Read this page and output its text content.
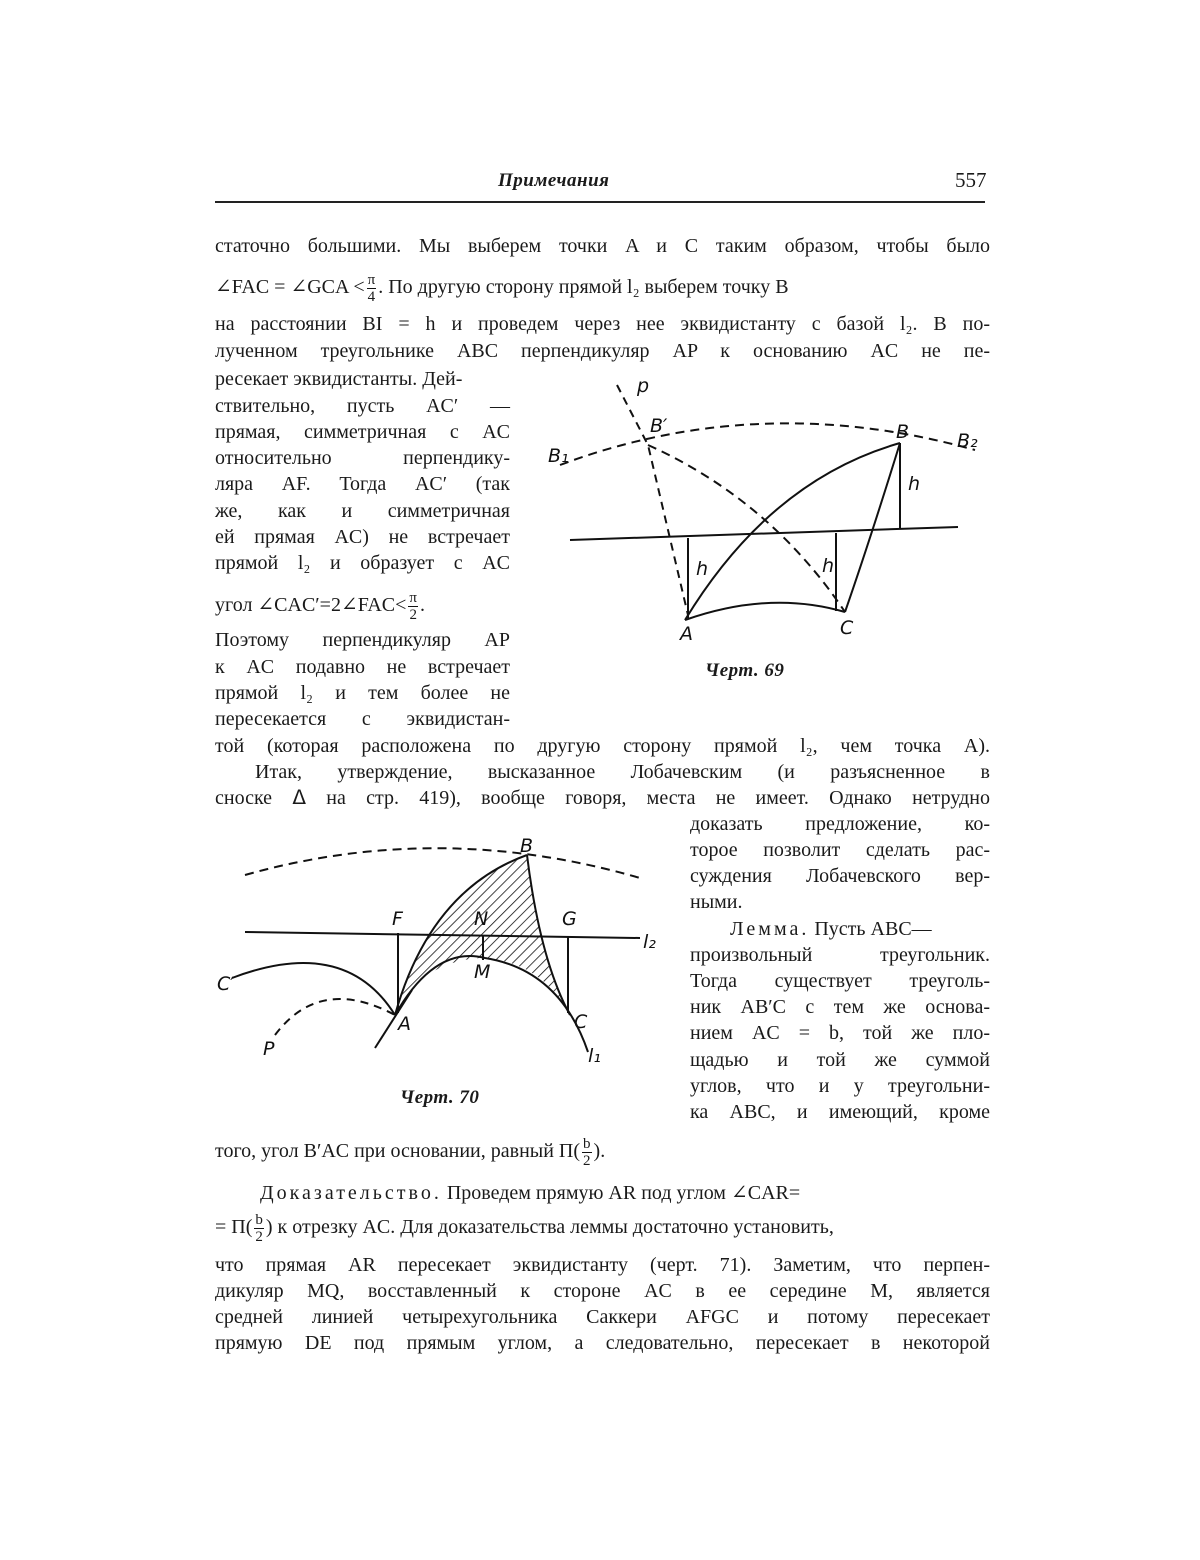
Примечания	557
статочно большими. Мы выберем точки A и C таким образом, чтобы было
∠FAC = ∠GCA < $\frac{\pi}{4}$ . По другую сторону прямой l₂ выберем точку B
на расстоянии BI = h и проведем через нее эквидистанту с базой l₂. В по-
лученном треугольнике ABC перпендикуляр AP к основанию AC не пе-
ресекает эквидистанты. Дей-
ствительно, пусть AC′ —
прямая, симметричная с AC
относительно перпендику-
ляра AF. Тогда AC′ (так
же, как и симметричная
ей прямая AC) не встречает
прямой l₂ и образует с AC
угол ∠CAC′=2∠FAC< $\frac{\pi}{2}$ .
Поэтому перпендикуляр AP
к AC подавно не встречает
прямой l₂ и тем более не
пересекается с эквидистан-
p
B′	B
B₁
B₂
h
h	h
A	C
Черт. 69
той (которая расположена по другую сторону прямой l₂, чем точка A).
Итак, утверждение, высказанное Лобачевским (и разъясненное в
сноске ᐃ на стр. 419), вообще говоря, места не имеет. Однако нетрудно
доказать предложение, ко-
торое позволит сделать рас-
суждения Лобачевского вер-
ными.
Лемма. Пусть ABC—
произвольный треугольник.
Тогда существует треуголь-
ник AB′C с тем же основа-
нием AC = b, той же пло-
щадью и той же суммой
углов, что и у треугольни-
ка ABC, и имеющий, кроме
B
F	N	G
l₂
M
C′
A	C
P	l₁
Черт. 70
того, угол B′AC при основании, равный $П( \frac{b}{2}$ ).
Доказательство. Проведем прямую AR под углом ∠CAR=
= $П( \frac{b}{2}$ ) к отрезку AC. Для доказательства леммы достаточно установить,
что прямая AR пересекает эквидистанту (черт. 71). Заметим, что перпен-
дикуляр MQ, восставленный к стороне AC в ее середине M, является
средней линией четырехугольника Саккери AFGC и потому пересекает
прямую DE под прямым углом, а следовательно, пересекает в некоторой
